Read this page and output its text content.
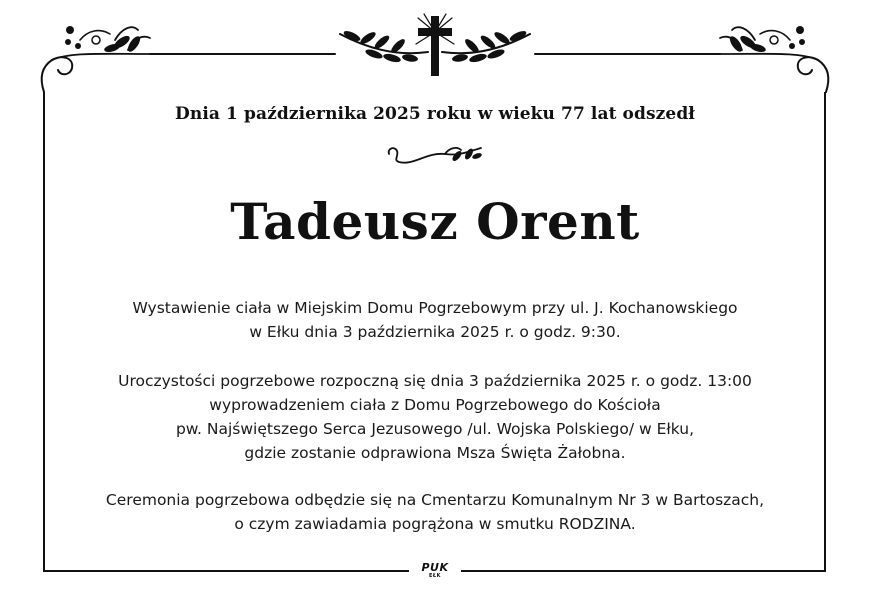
Dnia 1 października 2025 roku w wieku 77 lat odszedł
Tadeusz Orent
Wystawienie ciała w Miejskim Domu Pogrzebowym przy ul. J. Kochanowskiego
w Ełku dnia 3 października 2025 r. o godz. 9:30.
Uroczystości pogrzebowe rozpoczną się dnia 3 października 2025 r. o godz. 13:00
wyprowadzeniem ciała z Domu Pogrzebowego do Kościoła
pw. Najświętszego Serca Jezusowego /ul. Wojska Polskiego/ w Ełku,
gdzie zostanie odprawiona Msza Święta Żałobna.
Ceremonia pogrzebowa odbędzie się na Cmentarzu Komunalnym Nr 3 w Bartoszach,
o czym zawiadamia pogrążona w smutku RODZINA.
PUK
EŁK
